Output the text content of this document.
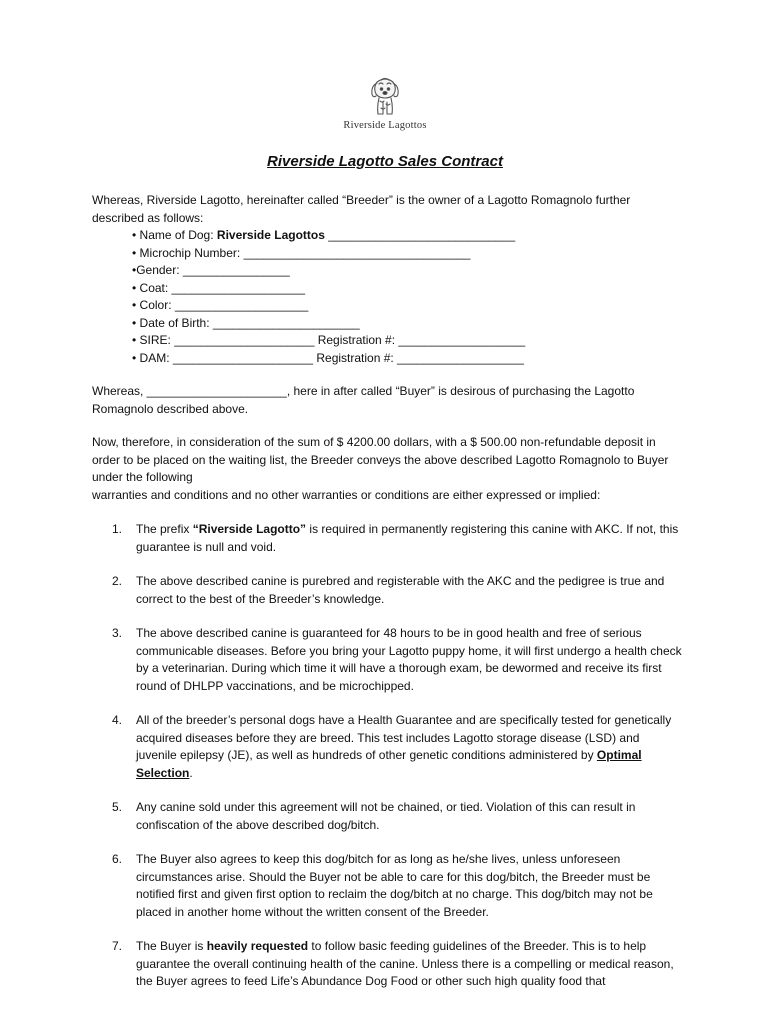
Riverside Lagottos
Riverside Lagotto Sales Contract
Whereas, Riverside Lagotto, hereinafter called “Breeder” is the owner of a Lagotto Romagnolo further described as follows:
• Name of Dog: Riverside Lagottos ____________________________
• Microchip Number: __________________________________
•Gender: ________________
• Coat: ____________________
• Color: ____________________
• Date of Birth: ______________________
• SIRE: _____________________ Registration #: ___________________
• DAM: _____________________ Registration #: ___________________
Whereas, _____________________, here in after called “Buyer” is desirous of purchasing the Lagotto Romagnolo described above.
Now, therefore, in consideration of the sum of $ 4200.00 dollars, with a $ 500.00 non-refundable deposit in order to be placed on the waiting list, the Breeder conveys the above described Lagotto Romagnolo to Buyer under the following
warranties and conditions and no other warranties or conditions are either expressed or implied:
1. The prefix “Riverside Lagotto” is required in permanently registering this canine with AKC. If not, this guarantee is null and void.
2. The above described canine is purebred and registerable with the AKC and the pedigree is true and correct to the best of the Breeder’s knowledge.
3. The above described canine is guaranteed for 48 hours to be in good health and free of serious communicable diseases. Before you bring your Lagotto puppy home, it will first undergo a health check by a veterinarian. During which time it will have a thorough exam, be dewormed and receive its first round of DHLPP vaccinations, and be microchipped.
4. All of the breeder’s personal dogs have a Health Guarantee and are specifically tested for genetically acquired diseases before they are breed. This test includes Lagotto storage disease (LSD) and juvenile epilepsy (JE), as well as hundreds of other genetic conditions administered by Optimal Selection.
5. Any canine sold under this agreement will not be chained, or tied. Violation of this can result in confiscation of the above described dog/bitch.
6. The Buyer also agrees to keep this dog/bitch for as long as he/she lives, unless unforeseen circumstances arise. Should the Buyer not be able to care for this dog/bitch, the Breeder must be notified first and given first option to reclaim the dog/bitch at no charge. This dog/bitch may not be placed in another home without the written consent of the Breeder.
7. The Buyer is heavily requested to follow basic feeding guidelines of the Breeder. This is to help guarantee the overall continuing health of the canine. Unless there is a compelling or medical reason, the Buyer agrees to feed Life’s Abundance Dog Food or other such high quality food that
